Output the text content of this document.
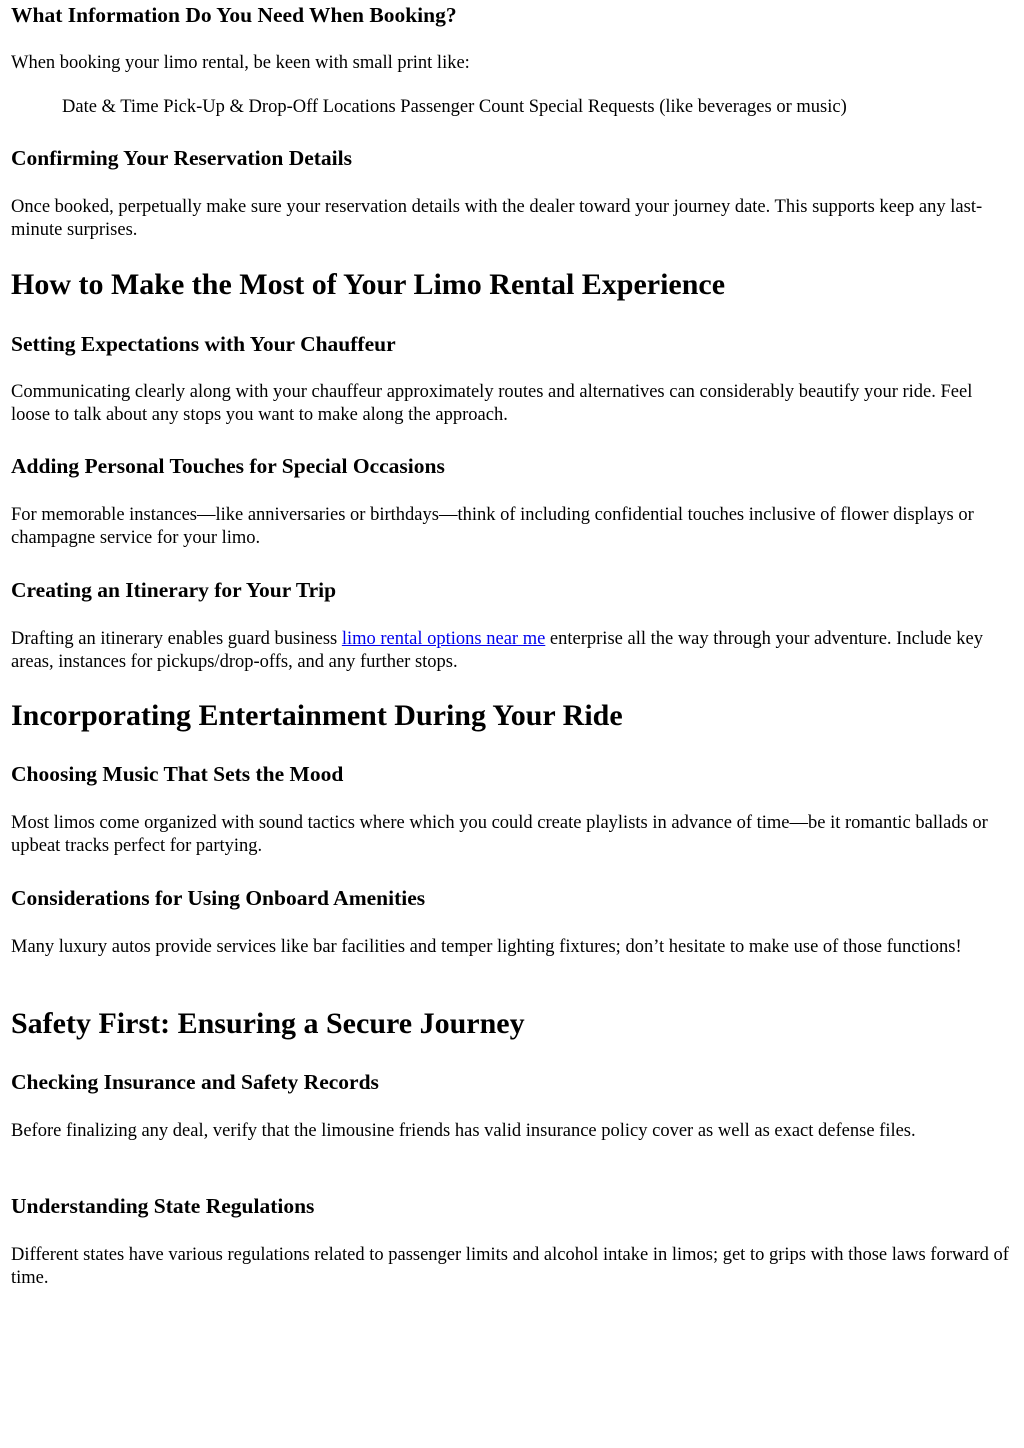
What Information Do You Need When Booking?

When booking your limo rental, be keen with small print like:

Date & Time Pick-Up & Drop-Off Locations Passenger Count Special Requests (like beverages or music)

Confirming Your Reservation Details

Once booked, perpetually make sure your reservation details with the dealer toward your journey date. This supports keep any last-minute surprises.

How to Make the Most of Your Limo Rental Experience
Setting Expectations with Your Chauffeur

Communicating clearly along with your chauffeur approximately routes and alternatives can considerably beautify your ride. Feel loose to talk about any stops you want to make along the approach.

Adding Personal Touches for Special Occasions

For memorable instances—like anniversaries or birthdays—think of including confidential touches inclusive of flower displays or champagne service for your limo.

Creating an Itinerary for Your Trip

Drafting an itinerary enables guard business limo rental options near me enterprise all the way through your adventure. Include key areas, instances for pickups/drop-offs, and any further stops.

Incorporating Entertainment During Your Ride
Choosing Music That Sets the Mood

Most limos come organized with sound tactics where which you could create playlists in advance of time—be it romantic ballads or upbeat tracks perfect for partying.

Considerations for Using Onboard Amenities

Many luxury autos provide services like bar facilities and temper lighting fixtures; don’t hesitate to make use of those functions!

Safety First: Ensuring a Secure Journey
Checking Insurance and Safety Records

Before finalizing any deal, verify that the limousine friends has valid insurance policy cover as well as exact defense files.

Understanding State Regulations

Different states have various regulations related to passenger limits and alcohol intake in limos; get to grips with those laws forward of time.
